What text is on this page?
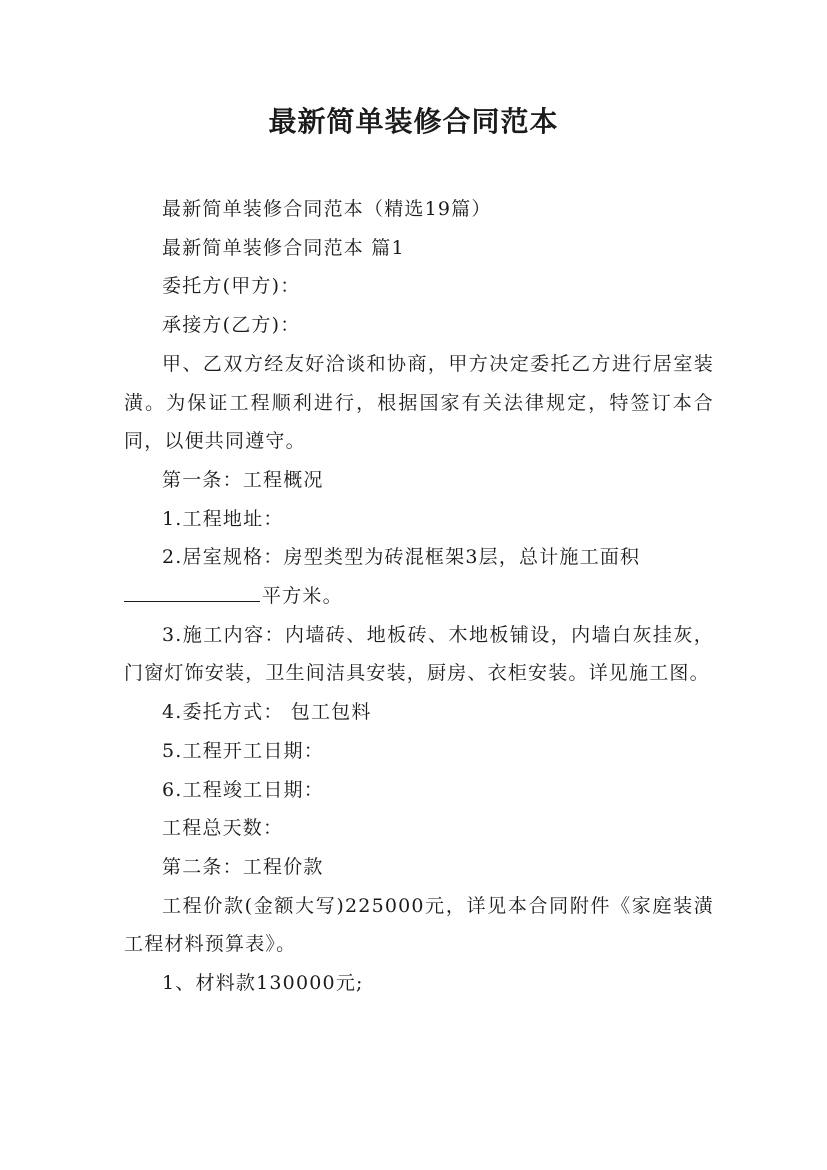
最新简单装修合同范本

最新简单装修合同范本（精选19篇）

最新简单装修合同范本 篇1

委托方(甲方)：

承接方(乙方)：

甲、乙双方经友好洽谈和协商，甲方决定委托乙方进行居室装潢。为保证工程顺利进行，根据国家有关法律规定，特签订本合同，以便共同遵守。

第一条：工程概况

1.工程地址：

2.居室规格：房型类型为砖混框架3层，总计施工面积

平方米。

3.施工内容：内墙砖、地板砖、木地板铺设，内墙白灰挂灰，门窗灯饰安装，卫生间洁具安装，厨房、衣柜安装。详见施工图。

4.委托方式： 包工包料

5.工程开工日期：

6.工程竣工日期：

工程总天数：

第二条：工程价款

工程价款(金额大写)225000元，详见本合同附件《家庭装潢工程材料预算表》。

1、材料款130000元;
